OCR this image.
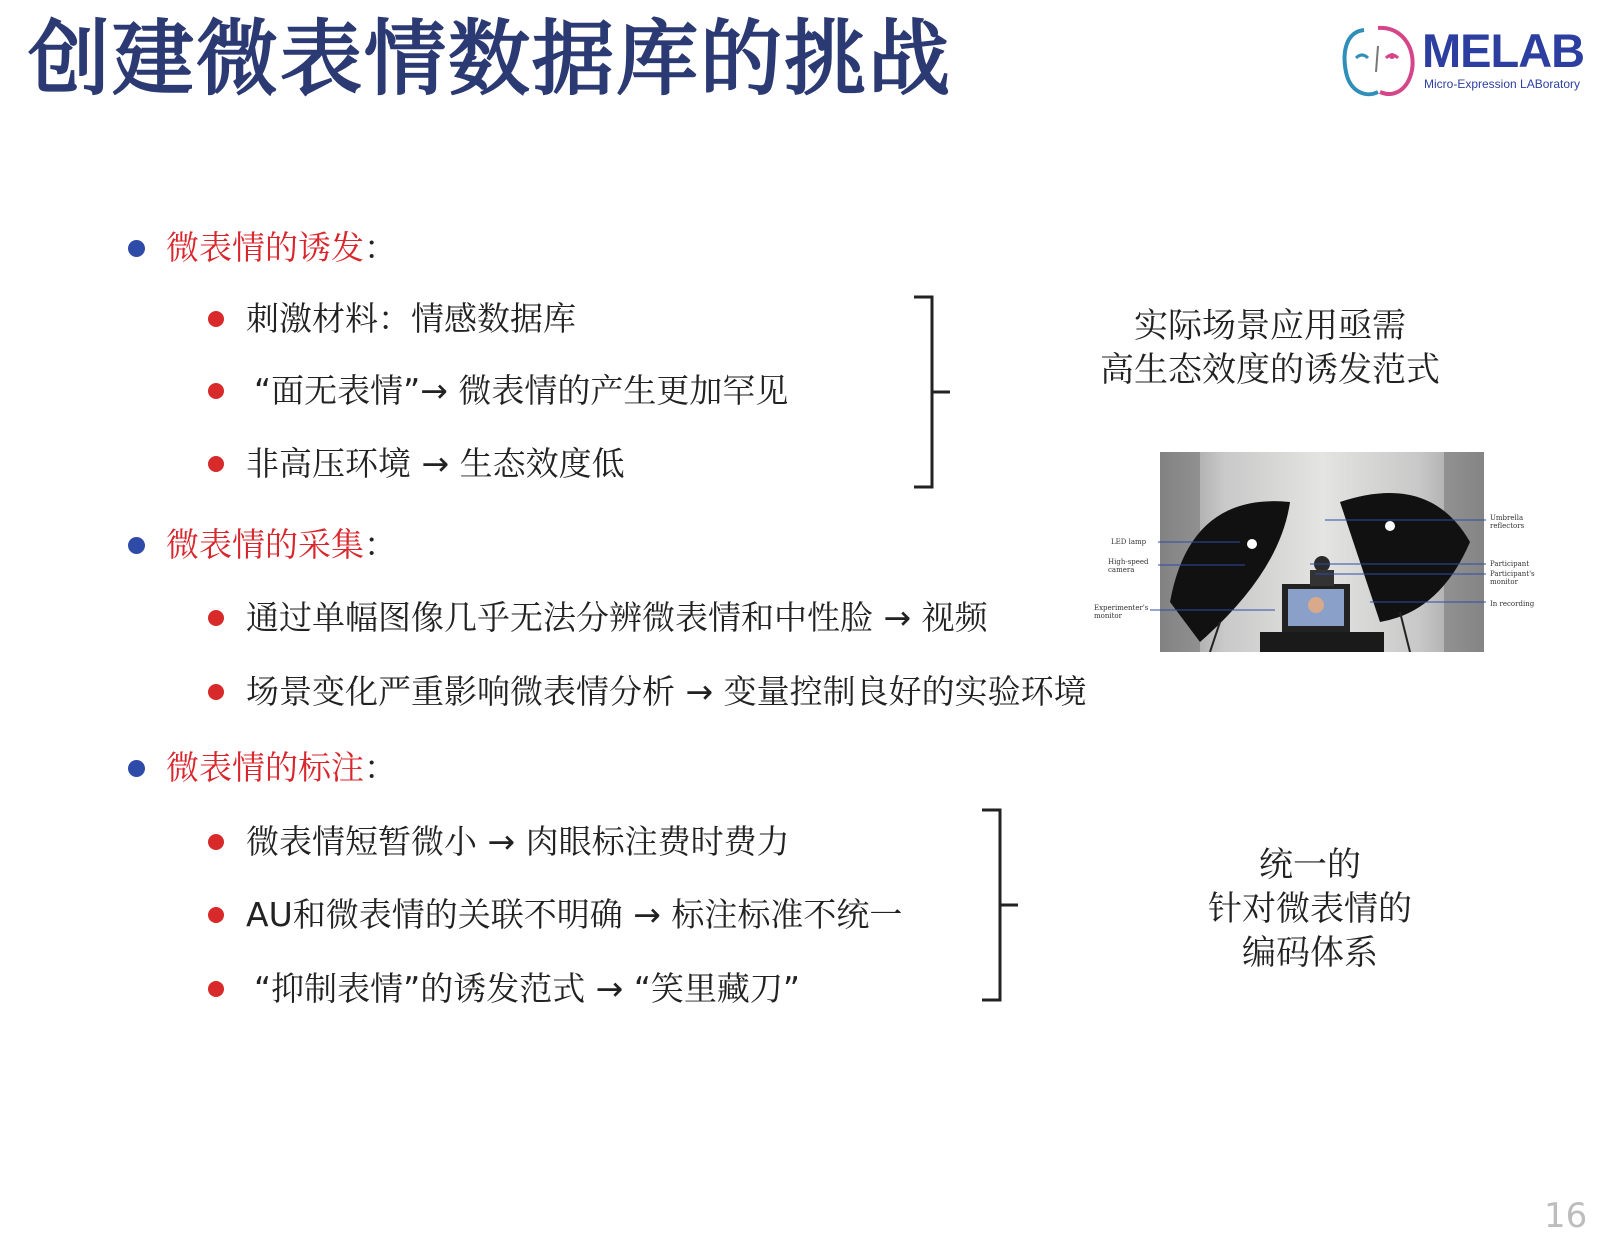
创建微表情数据库的挑战	MELAB
Micro-Expression LABoratory
微表情的诱发：
刺激材料：情感数据库
“面无表情”→ 微表情的产生更加罕见
非高压环境 → 生态效度低
实际场景应用亟需
高生态效度的诱发范式
微表情的采集：
通过单幅图像几乎无法分辨微表情和中性脸 → 视频
场景变化严重影响微表情分析 → 变量控制良好的实验环境
LED lamp
High-speed camera
Experimenter's monitor
Umbrella reflectors
Participant
Participant's monitor
In recording
微表情的标注：
微表情短暂微小 → 肉眼标注费时费力
AU和微表情的关联不明确 → 标注标准不统一
“抑制表情”的诱发范式 → “笑里藏刀”
统一的
针对微表情的
编码体系
16
